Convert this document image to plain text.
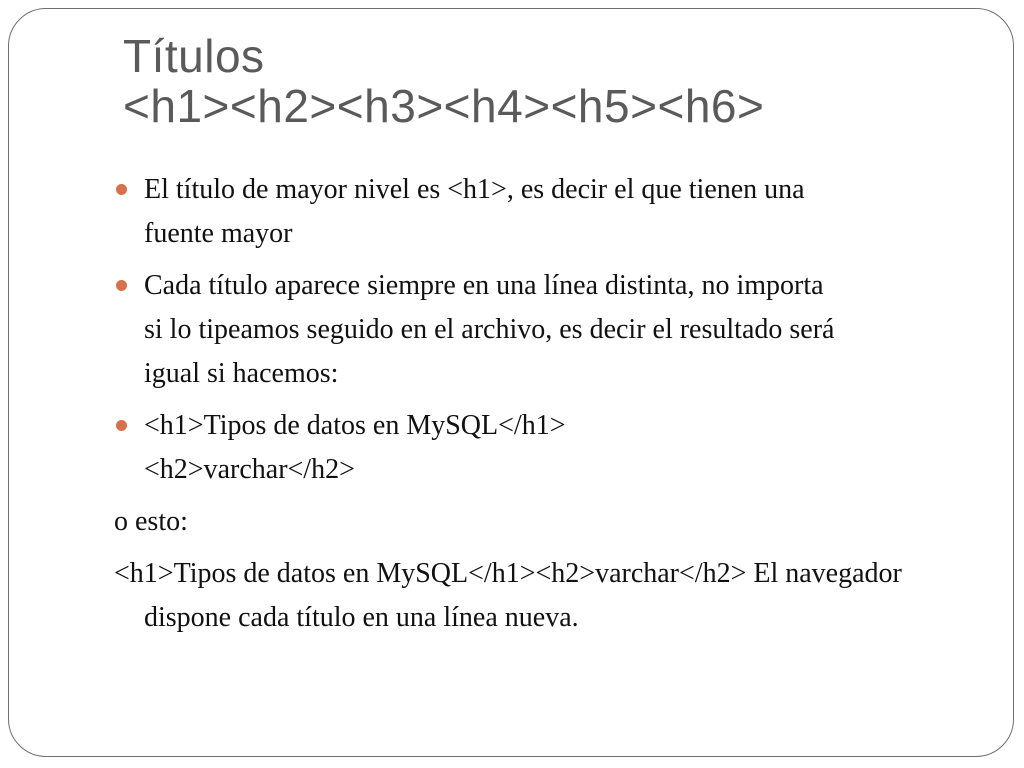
Títulos
<h1><h2><h3><h4><h5><h6>
El título de mayor nivel es <h1>, es decir el que tienen una
fuente mayor
Cada título aparece siempre en una línea distinta, no importa
si lo tipeamos seguido en el archivo, es decir el resultado será
igual si hacemos:
<h1>Tipos de datos en MySQL</h1>
<h2>varchar</h2>

o esto:

<h1>Tipos de datos en MySQL</h1><h2>varchar</h2> El navegador dispone cada título en una línea nueva.
